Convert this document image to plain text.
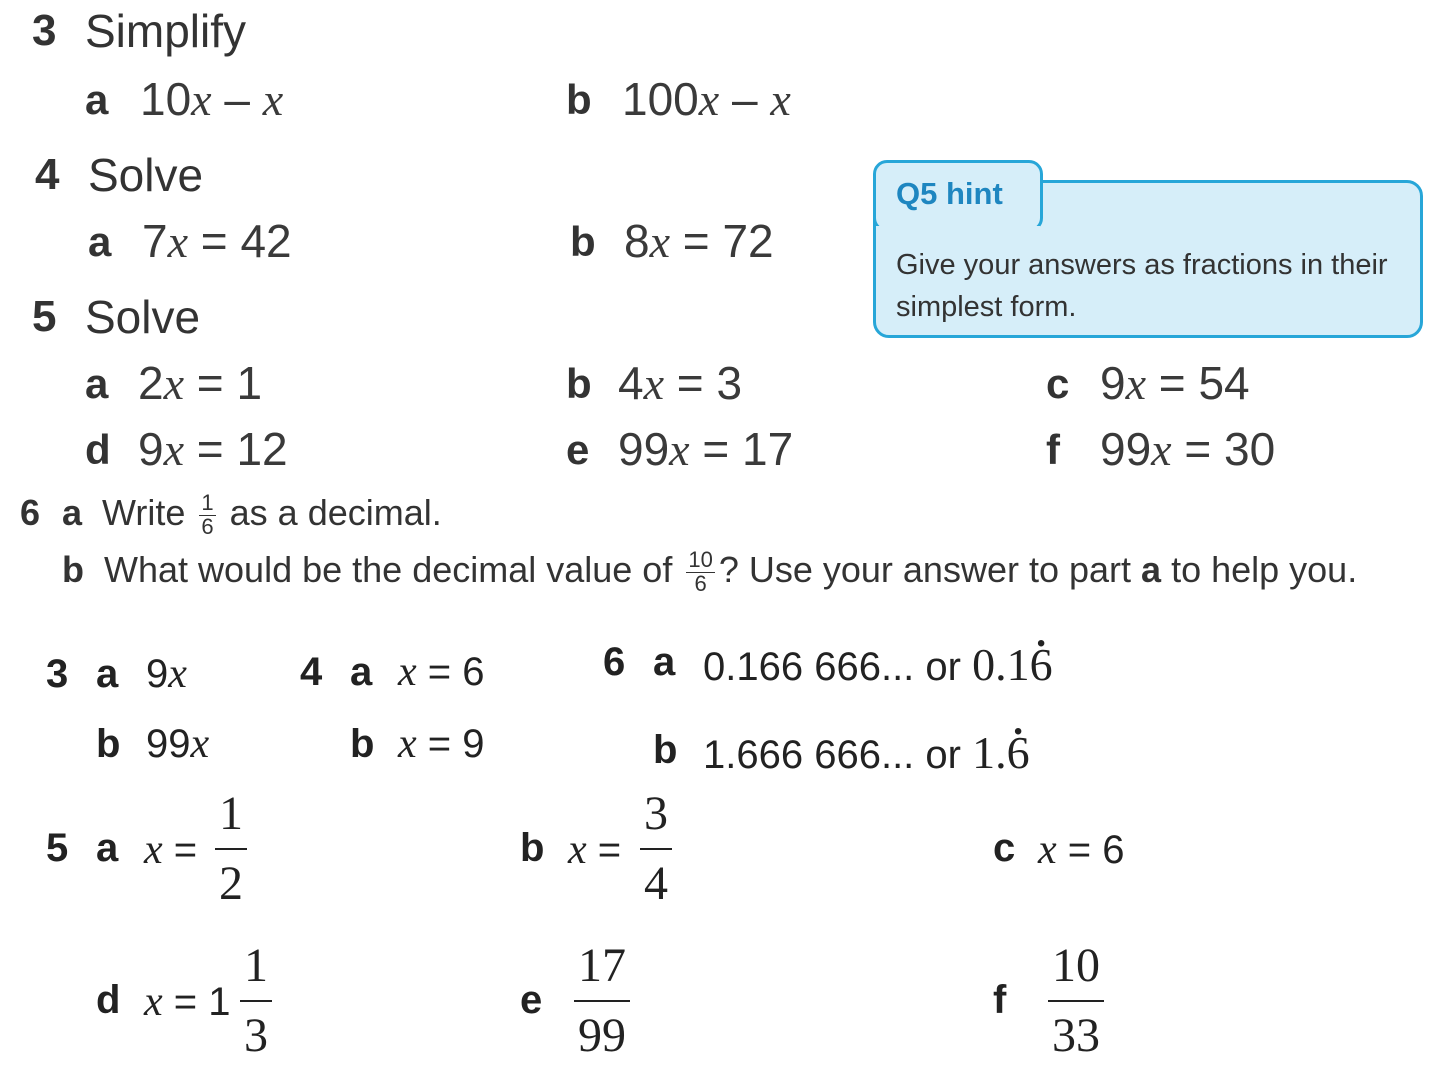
3 Simplify
a 10x – x	b 100x – x
4 Solve
a 7x = 42	b 8x = 72
5 Solve
a 2x = 1	b 4x = 3	c 9x = 54
d 9x = 12	e 99x = 17	f 99x = 30
Q5 hint
Give your answers as fractions in their simplest form.
6 a Write $\frac{1}{6}$ as a decimal.
b What would be the decimal value of $\frac{10}{6}$ ? Use your answer to part a to help you.
3 a 9x
b 99x
4 a x = 6
b x = 9
6 a 0.166 666... or 0.16 .
b 1.666 666... or 1.6 .
5 a $x = \frac{1}{2}$	b $x = \frac{3}{4}$	c x = 6
d $x = 1 \frac{1}{3}$	e $\frac{17}{99}$	f $\frac{10}{33}$
